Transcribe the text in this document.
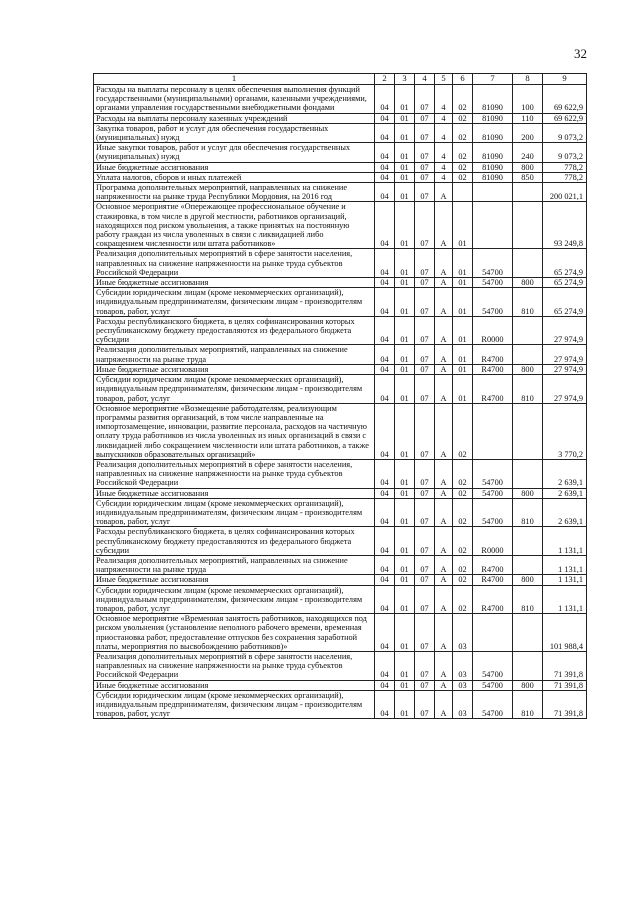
32
1	2	3	4	5	6	7	8	9
Расходы на выплаты персоналу в целях обеспечения выполнения функций государственными (муниципальными) органами, казенными учреждениями, органами управления государственными внебюджетными фондами	04	01	07	4	02	81090	100	69 622,9
Расходы на выплаты персоналу казенных учреждений	04	01	07	4	02	81090	110	69 622,9
Закупка товаров, работ и услуг для обеспечения государственных (муниципальных) нужд	04	01	07	4	02	81090	200	9 073,2
Иные закупки товаров, работ и услуг для обеспечения государственных (муниципальных) нужд	04	01	07	4	02	81090	240	9 073,2
Иные бюджетные ассигнования	04	01	07	4	02	81090	800	778,2
Уплата налогов, сборов и иных платежей	04	01	07	4	02	81090	850	778,2
Программа дополнительных мероприятий, направленных на снижение напряженности на рынке труда Республики Мордовия, на 2016 год	04	01	07	А				200 021,1
Основное мероприятие «Опережающее профессиональное обучение и стажировка, в том числе в другой местности, работников организаций, находящихся под риском увольнения, а также принятых на постоянную работу граждан из числа уволенных в связи с ликвидацией либо сокращением численности или штата работников»	04	01	07	А	01			93 249,8
Реализация дополнительных мероприятий в сфере занятости населения, направленных на снижение напряженности на рынке труда субъектов Российской Федерации	04	01	07	А	01	54700		65 274,9
Иные бюджетные ассигнования	04	01	07	А	01	54700	800	65 274,9
Субсидии юридическим лицам (кроме некоммерческих организаций), индивидуальным предпринимателям, физическим лицам - производителям товаров, работ, услуг	04	01	07	А	01	54700	810	65 274,9
Расходы республиканского бюджета, в целях софинансирования которых республиканскому бюджету предоставляются из федерального бюджета субсидии	04	01	07	А	01	R0000		27 974,9
Реализация дополнительных мероприятий, направленных на снижение напряженности на рынке труда	04	01	07	А	01	R4700		27 974,9
Иные бюджетные ассигнования	04	01	07	А	01	R4700	800	27 974,9
Субсидии юридическим лицам (кроме некоммерческих организаций), индивидуальным предпринимателям, физическим лицам - производителям товаров, работ, услуг	04	01	07	А	01	R4700	810	27 974,9
Основное мероприятие «Возмещение работодателям, реализующим программы развития организаций, в том числе направленные на импортозамещение, инновации, развитие персонала, расходов на частичную оплату труда работников из числа уволенных из иных организаций в связи с ликвидацией либо сокращением численности или штата работников, а также выпускников образовательных организаций»	04	01	07	А	02			3 770,2
Реализация дополнительных мероприятий в сфере занятости населения, направленных на снижение напряженности на рынке труда субъектов Российской Федерации	04	01	07	А	02	54700		2 639,1
Иные бюджетные ассигнования	04	01	07	А	02	54700	800	2 639,1
Субсидии юридическим лицам (кроме некоммерческих организаций), индивидуальным предпринимателям, физическим лицам - производителям товаров, работ, услуг	04	01	07	А	02	54700	810	2 639,1
Расходы республиканского бюджета, в целях софинансирования которых республиканскому бюджету предоставляются из федерального бюджета субсидии	04	01	07	А	02	R0000		1 131,1
Реализация дополнительных мероприятий, направленных на снижение напряженности на рынке труда	04	01	07	А	02	R4700		1 131,1
Иные бюджетные ассигнования	04	01	07	А	02	R4700	800	1 131,1
Субсидии юридическим лицам (кроме некоммерческих организаций), индивидуальным предпринимателям, физическим лицам - производителям товаров, работ, услуг	04	01	07	А	02	R4700	810	1 131,1
Основное мероприятие «Временная занятость работников, находящихся под риском увольнения (установление неполного рабочего времени, временная приостановка работ, предоставление отпусков без сохранения заработной платы, мероприятия по высвобождению работников)»	04	01	07	А	03			101 988,4
Реализация дополнительных мероприятий в сфере занятости населения, направленных на снижение напряженности на рынке труда субъектов Российской Федерации	04	01	07	А	03	54700		71 391,8
Иные бюджетные ассигнования	04	01	07	А	03	54700	800	71 391,8
Субсидии юридическим лицам (кроме некоммерческих организаций), индивидуальным предпринимателям, физическим лицам - производителям товаров, работ, услуг	04	01	07	А	03	54700	810	71 391,8
